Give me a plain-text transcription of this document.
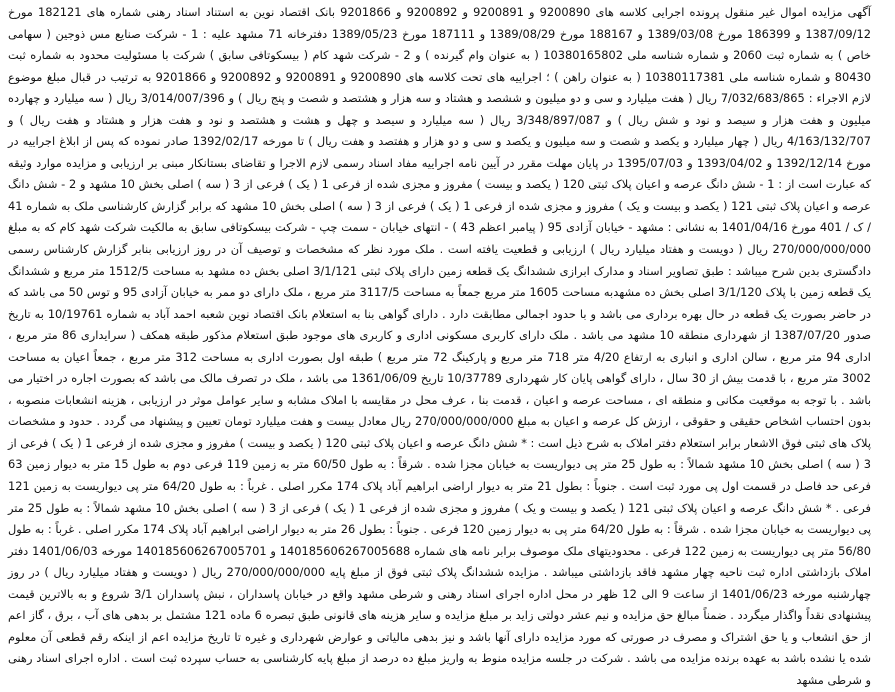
آگهی مزایده اموال غیر منقول پرونده اجرایی کلاسه های 9200890 و 9200891 و 9200892 و 9201866 بانک اقتصاد نوین به استناد اسناد رهنی شماره های 182121 مورخ 1387/09/12 و 186399 مورخ 1389/03/08 و 188167 مورخ 1389/08/29 و 187111 مورخ 1389/05/23 دفترخانه 71 مشهد علیه : 1 - شرکت صنایع مس ذوجین ( سهامی خاص ) به شماره ثبت 2060 و شماره شناسه ملی 10380165802 ( به عنوان وام گیرنده ) و 2 - شرکت شهد کام ( بیسکوتافی سابق ) شرکت با مسئولیت محدود به شماره ثبت 80430 و شماره شناسه ملی 10380117381 ( به عنوان راهن ) ؛ اجراییه های تحت کلاسه های 9200890 و 9200891 و 9200892 و 9201866 به ترتیب در قبال مبلغ موضوع لازم الاجراء : 7/032/683/865 ریال ( هفت میلیارد و سی و دو میلیون و ششصد و هشتاد و سه هزار و هشتصد و شصت و پنج ریال ) و 3/014/007/396 ریال ( سه میلیارد و چهارده میلیون و هفت هزار و سیصد و نود و شش ریال ) و 3/348/897/087 ریال ( سه میلیارد و سیصد و چهل و هشت و هشتصد و نود و هفت هزار و هشتاد و هفت ریال ) و 4/163/132/707 ریال ( چهار میلیارد و یکصد و شصت و سه میلیون و یکصد و سی و دو هزار و هفتصد و هفت ریال ) تا مورخه 1392/02/17 صادر نموده که پس از ابلاغ اجراییه در مورخ 1392/12/14 و 1393/04/02 و 1395/07/03 در پایان مهلت مقرر در آیین نامه اجراییه مفاد اسناد رسمی لازم الاجرا و تقاضای بستانکار مبنی بر ارزیابی و مزایده موارد وثیقه که عبارت است از : 1 - شش دانگ عرصه و اعیان پلاک ثبتی 120 ( یکصد و بیست ) مفروز و مجزی شده از فرعی 1 ( یک ) فرعی از 3 ( سه ) اصلی بخش 10 مشهد و 2 - شش دانگ عرصه و اعیان پلاک ثبتی 121 ( یکصد و بیست و یک ) مفروز و مجزی شده از فرعی 1 ( یک ) فرعی از 3 ( سه ) اصلی بخش 10 مشهد که برابر گزارش کارشناسی ملک به شماره 41 / ک / 401 مورخ 1401/04/16 به نشانی : مشهد - خیابان آزادی 95 ( پیامبر اعظم 43 ) - انتهای خیابان - سمت چپ - شرکت بیسکوتافی سابق به مالکیت شرکت شهد کام که به مبلغ 270/000/000/000 ریال ( دویست و هفتاد میلیارد ریال ) ارزیابی و قطعیت یافته است . ملک مورد نظر که مشخصات و توصیف آن در روز ارزیابی بنابر گزارش کارشناس رسمی دادگستری بدین شرح میباشد : طبق تصاویر اسناد و مدارک ابرازی ششدانگ یک قطعه زمین دارای پلاک ثبتی 3/1/121 اصلی بخش ده مشهد به مساحت 1512/5 متر مربع و ششدانگ یک قطعه زمین با پلاک 3/1/120 اصلی بخش ده مشهدبه مساحت 1605 متر مربع جمعاً به مساحت 3117/5 متر مربع ، ملک دارای دو ممر به خیابان آزادی 95 و توس 50 می باشد که در حاضر بصورت یک قطعه در حال بهره برداری می باشد و با حدود اجمالی مطابقت دارد . دارای گواهی بنا به استعلام بانک اقتصاد نوین شعبه احمد آباد به شماره 10/19761 به تاریخ صدور 1387/07/20 از شهرداری منطقه 10 مشهد می باشد . ملک دارای کاربری مسکونی اداری و کاربری های موجود طبق استعلام مذکور طبقه همکف ( سرایداری 86 متر مربع ، اداری 94 متر مربع ، سالن اداری و انباری به ارتفاع 4/20 متر 718 متر مربع و پارکینگ 72 متر مربع ) طبقه اول بصورت اداری به مساحت 312 متر مربع ، جمعاً اعیان به مساحت 3002 متر مربع ، با قدمت بیش از 30 سال ، دارای گواهی پایان کار شهرداری 10/37789 تاریخ 1361/06/09 می باشد ، ملک در تصرف مالک می باشد که بصورت اجاره در اختیار می باشد . با توجه به موقعیت مکانی و منطقه ای ، مساحت عرصه و اعیان ، قدمت بنا ، عرف محل در مقایسه با املاک مشابه و سایر عوامل موثر در ارزیابی ، هزینه انشعابات منصوبه ، بدون احتساب اشخاص حقیقی و حقوقی ، ارزش کل عرصه و اعیان به مبلغ 270/000/000/000 ریال معادل بیست و هفت میلیارد تومان تعیین و پیشنهاد می گردد . حدود و مشخصات پلاک های ثبتی فوق الاشعار برابر استعلام دفتر املاک به شرح ذیل است : * شش دانگ عرصه و اعیان پلاک ثبتی 120 ( یکصد و بیست ) مفروز و مجزی شده از فرعی 1 ( یک ) فرعی از 3 ( سه ) اصلی بخش 10 مشهد شمالاً : به طول 25 متر پی دیواریست به خیابان مجزا شده . شرقاً : به طول 60/50 متر به زمین 119 فرعی دوم به طول 15 متر به دیوار زمین 63 فرعی حد فاصل در قسمت اول پی مورد ثبت است . جنوباً : بطول 21 متر به دیوار اراضی ابراهیم آباد پلاک 174 مکرر اصلی . غرباً : به طول 64/20 متر پی دیواریست به زمین 121 فرعی . * شش دانگ عرصه و اعیان پلاک ثبتی 121 ( یکصد و بیست و یک ) مفروز و مجزی شده از فرعی 1 ( یک ) فرعی از 3 ( سه ) اصلی بخش 10 مشهد شمالاً : به طول 25 متر پی دیواریست به خیابان مجزا شده . شرقاً : به طول 64/20 متر پی به دیوار زمین 120 فرعی . جنوباً : بطول 26 متر به دیوار اراضی ابراهیم آباد پلاک 174 مکرر اصلی . غرباً : به طول 56/80 متر پی دیواریست به زمین 122 فرعی . محدودیتهای ملک موصوف برابر نامه های شماره 140185606267005688 و 140185606267005701 مورخه 1401/06/03 دفتر املاک بازداشتی اداره ثبت ناحیه چهار مشهد فاقد بازداشتی میباشد . مزایده ششدانگ پلاک ثبتی فوق از مبلغ پایه 270/000/000/000 ریال ( دویست و هفتاد میلیارد ریال ) در روز چهارشنبه مورخه 1401/06/23 از ساعت 9 الی 12 ظهر در محل اداره اجرای اسناد رهنی و شرطی مشهد واقع در خیابان پاسداران ، نبش پاسداران 3/1 شروع و به بالاترین قیمت پیشنهادی نقداً واگذار میگردد . ضمناً مبالغ حق مزایده و نیم عشر دولتی زاید بر مبلغ مزایده و سایر هزینه های قانونی طبق تبصره 6 ماده 121 مشتمل بر بدهی های آب ، برق ، گاز اعم از حق انشعاب و یا حق اشتراک و مصرف در صورتی که مورد مزایده دارای آنها باشد و نیز بدهی مالیاتی و عوارض شهرداری و غیره تا تاریخ مزایده اعم از اینکه رقم قطعی آن معلوم شده یا نشده باشد به عهده برنده مزایده می باشد . شرکت در جلسه مزایده منوط به واریز مبلغ ده درصد از مبلغ پایه کارشناسی به حساب سپرده ثبت است . اداره اجرای اسناد رهنی و شرطی مشهد
